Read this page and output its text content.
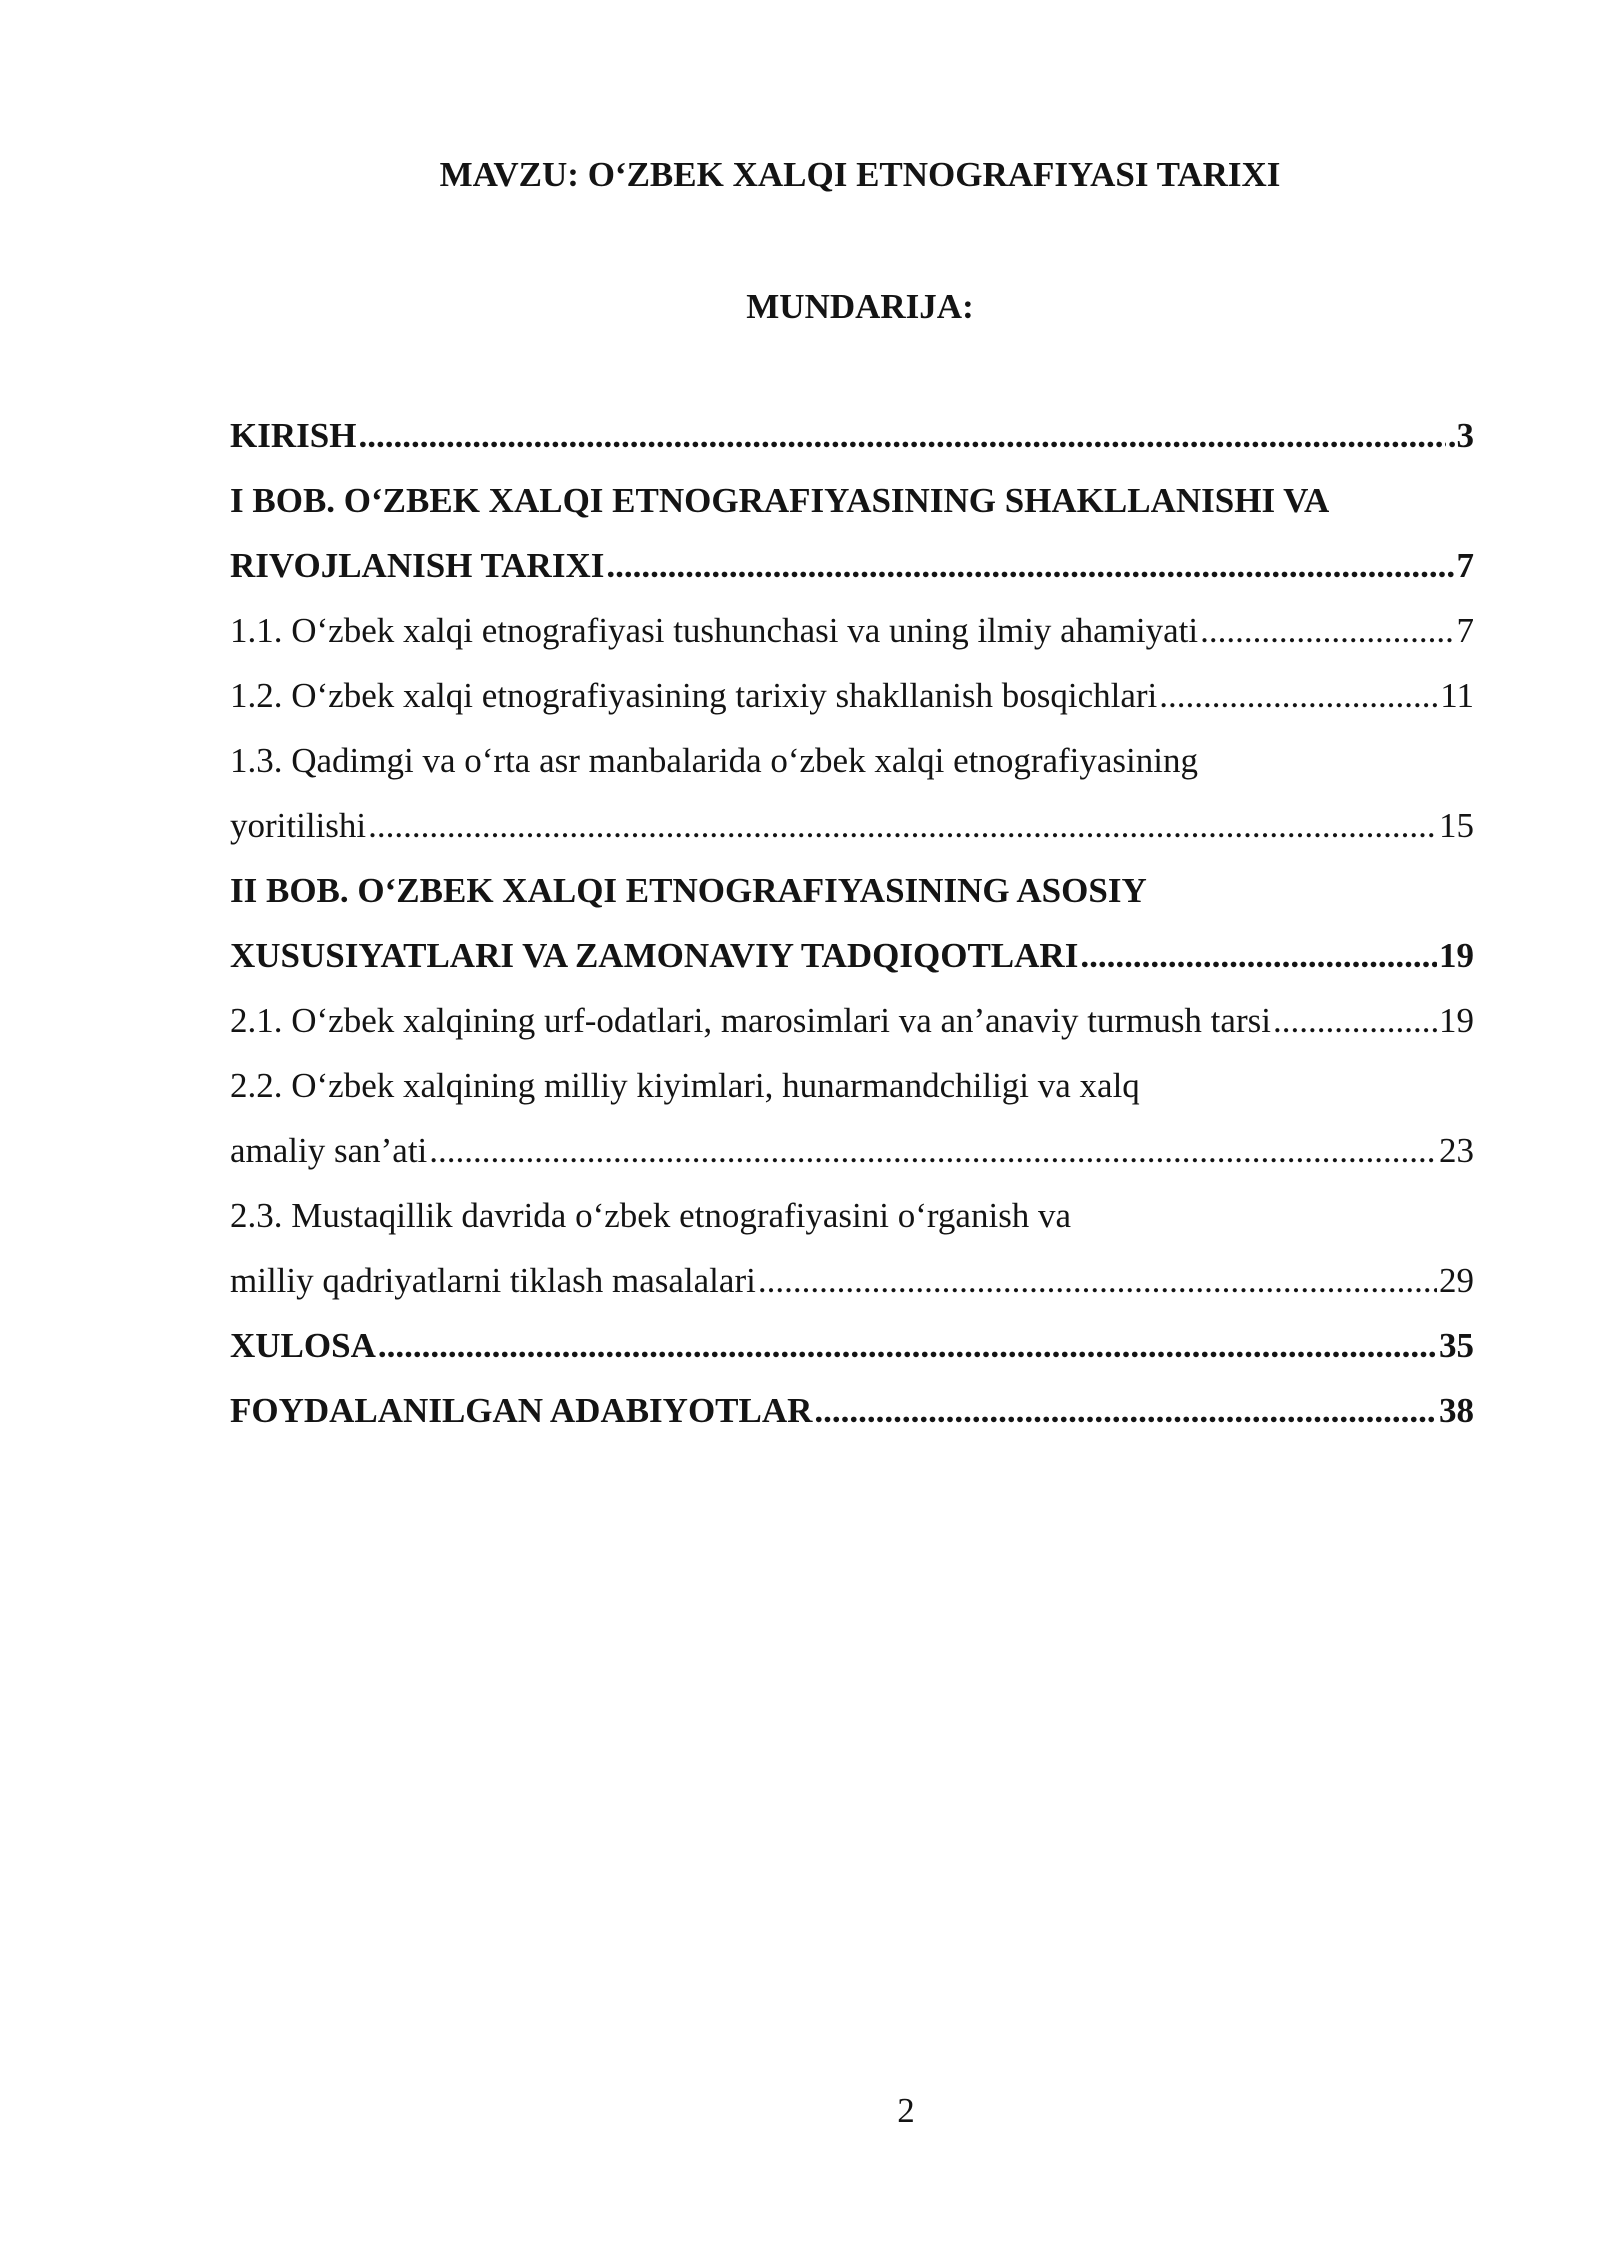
MAVZU: O‘ZBEK XALQI ETNOGRAFIYASI TARIXI
MUNDARIJA:
KIRISH .....	.3
I BOB. O‘ZBEK XALQI ETNOGRAFIYASINING SHAKLLANISHI VA
RIVOJLANISH TARIXI .....	7
1.1. O‘zbek xalqi etnografiyasi tushunchasi va uning ilmiy ahamiyati .....	7
1.2. O‘zbek xalqi etnografiyasining tarixiy shakllanish bosqichlari .....	11
1.3. Qadimgi va o‘rta asr manbalarida o‘zbek xalqi etnografiyasining
yoritilishi .....	15
II BOB. O‘ZBEK XALQI ETNOGRAFIYASINING ASOSIY
XUSUSIYATLARI VA ZAMONAVIY TADQIQOTLARI .....	19
2.1. O‘zbek xalqining urf-odatlari, marosimlari va an’anaviy turmush tarsi .....	19
2.2. O‘zbek xalqining milliy kiyimlari, hunarmandchiligi va xalq
amaliy san’ati .....	23
2.3. Mustaqillik davrida o‘zbek etnografiyasini o‘rganish va
milliy qadriyatlarni tiklash masalalari .....	29
XULOSA .....	35
FOYDALANILGAN ADABIYOTLAR .....	38
2
